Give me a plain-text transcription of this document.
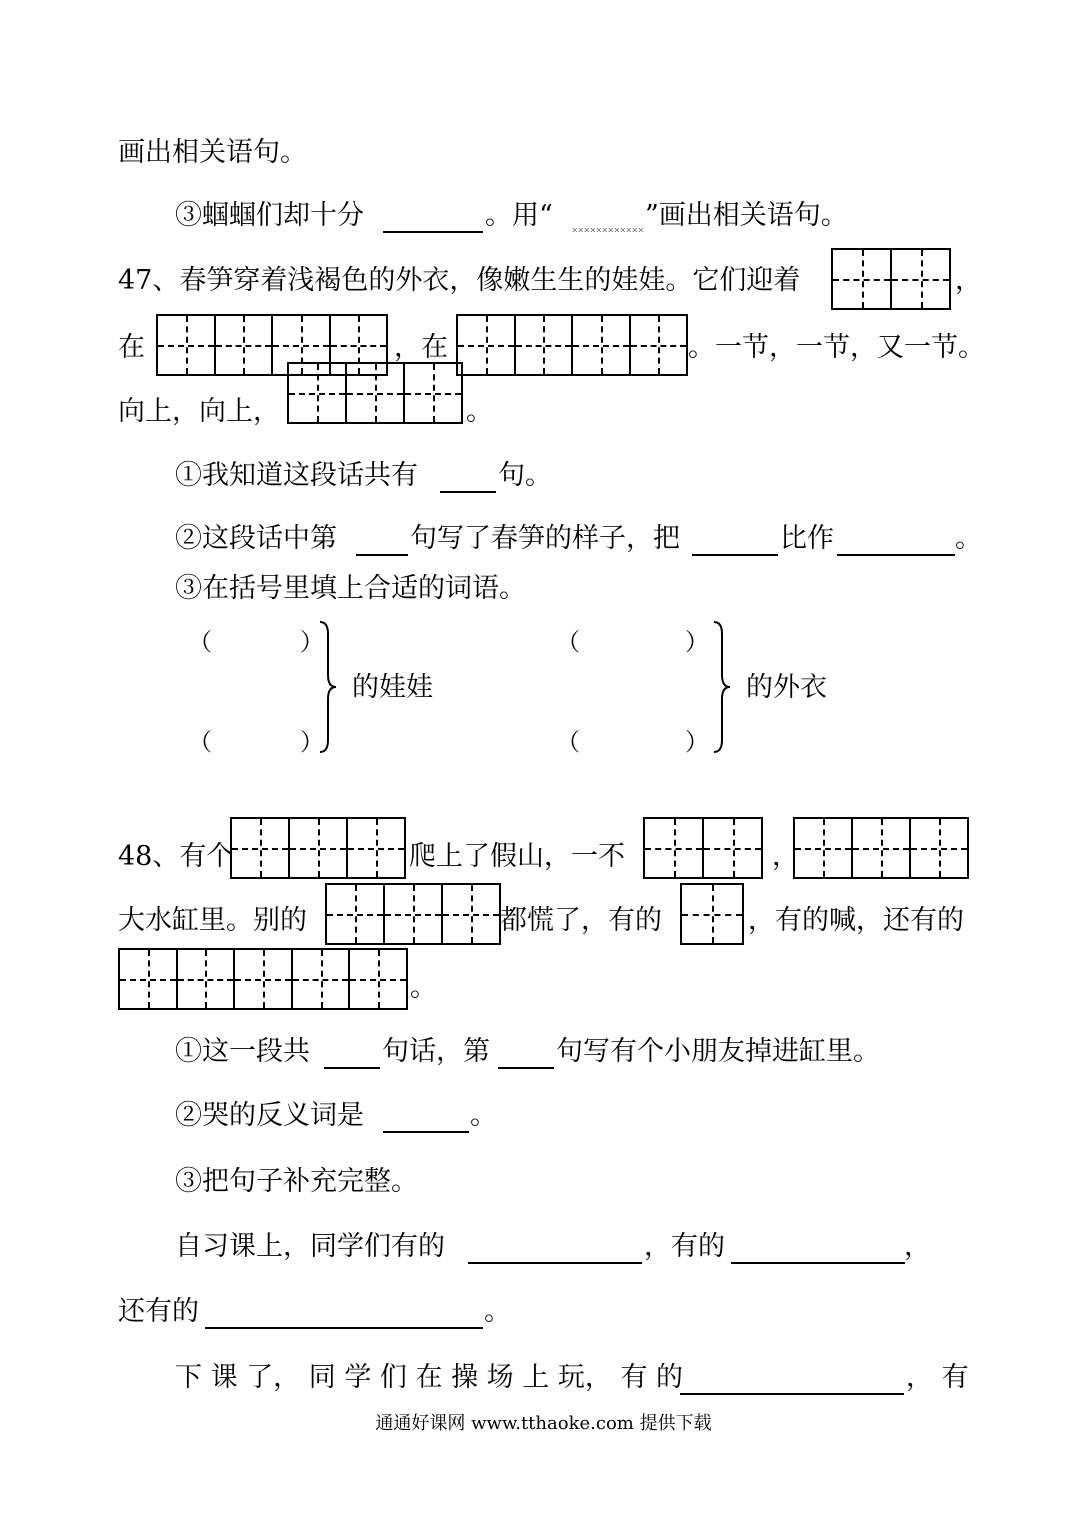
画出相关语句。
③蝈蝈们却十分	。用“	”画出相关语句。
47、春笋穿着浅褐色的外衣，像嫩生生的娃娃。它们迎着	，
在	，在	。一节，一节，又一节。
向上，向上，	。
①我知道这段话共有	句。
②这段话中第	句写了春笋的样子，把	比作	。
③在括号里填上合适的词语。
（	）
（	）
的娃娃
（	）
（	）
的外衣
48、有个	爬上了假山，一不	，
大水缸里。别的	都慌了，有的	，有的喊，还有的
。
①这一段共	句话，第 句写有个小朋友掉进缸里。
②哭的反义词是	。
③把句子补充完整。
自习课上，同学们有的	，有的	，
还有的	。
下 课 了， 同 学 们 在 操 场 上 玩， 有 的	， 有
通通好课网 www.tthaoke.com 提供下载
